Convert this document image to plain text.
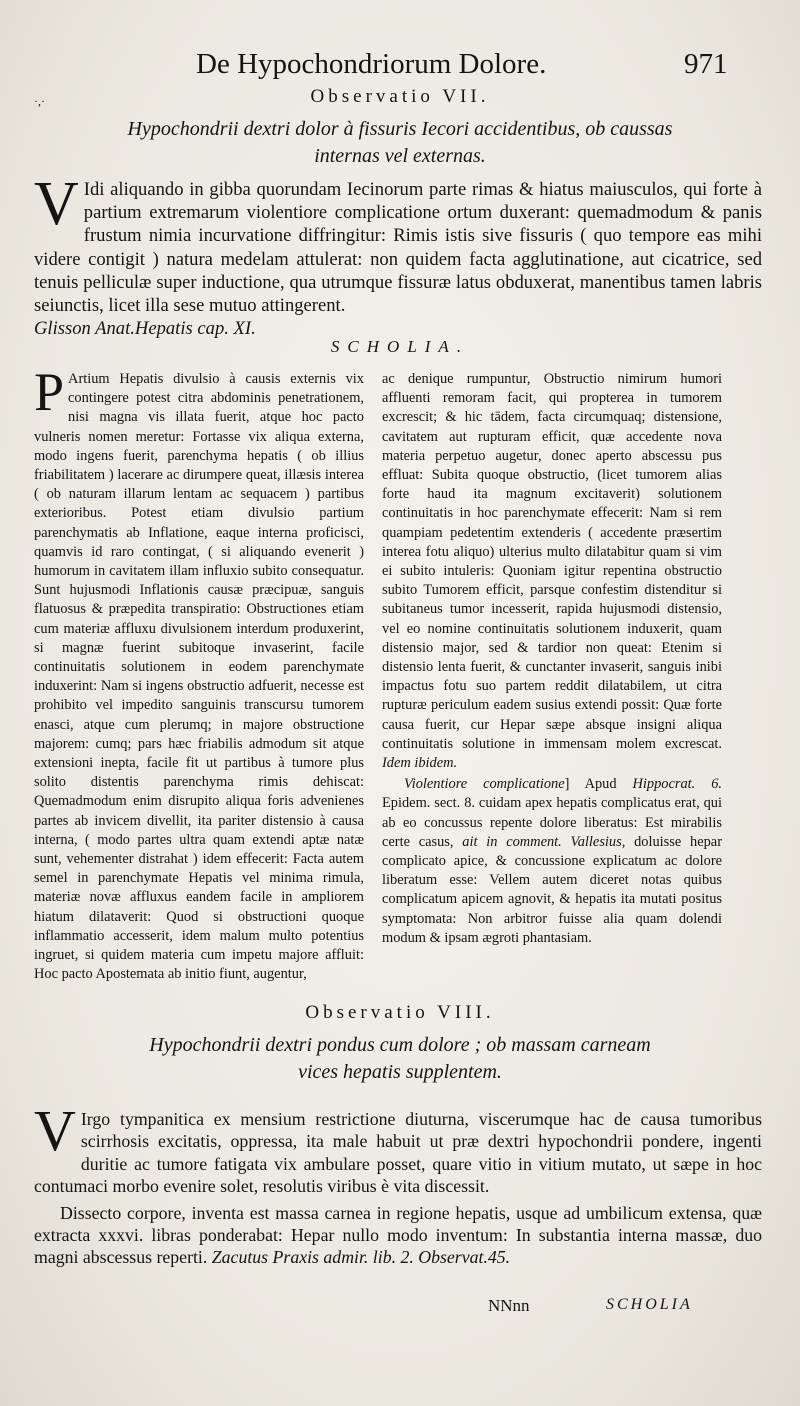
·,·
De Hypochondriorum Dolore.	971
Observatio VII.
Hypochondrii dextri dolor à fissuris Iecori accidentibus, ob caussas
internas vel externas.
V Idi aliquando in gibba quorundam Iecinorum parte rimas & hiatus maiusculos, qui forte à partium extremarum violentiore complicatione ortum duxerant: quemadmodum & panis frustum nimia incurvatione diffringitur: Rimis istis sive fissuris ( quo tempore eas mihi videre contigit ) natura medelam attulerat: non quidem facta agglutinatione, aut cicatrice, sed tenuis pelliculæ super inductione, qua utrumque fissuræ latus obduxerat, manentibus tamen labris seiunctis, licet illa sese mutuo attingerent.
Glisson Anat.Hepatis cap. XI.
SCHOLIA.
P Artium Hepatis divulsio à causis externis vix contingere potest citra abdominis penetrationem, nisi magna vis illata fuerit, atque hoc pacto vulneris nomen meretur: Fortasse vix aliqua externa, modo ingens fuerit, parenchyma hepatis ( ob illius friabilitatem ) lacerare ac dirumpere queat, illæsis interea ( ob naturam illarum lentam ac sequacem ) partibus exterioribus. Potest etiam divulsio partium parenchymatis ab Inflatione, eaque interna proficisci, quamvis id raro contingat, ( si aliquando evenerit ) humorum in cavitatem illam influxio subito consequatur. Sunt hujusmodi Inflationis causæ præcipuæ, sanguis flatuosus & præpedita transpiratio: Obstructiones etiam cum materiæ affluxu divulsionem interdum produxerint, si magnæ fuerint subitoque invaserint, facile continuitatis solutionem in eodem parenchymate induxerint: Nam si ingens obstructio adfuerit, necesse est prohibito vel impedito sanguinis transcursu tumorem enasci, atque cum plerumq; in majore obstructione majorem: cumq; pars hæc friabilis admodum sit atque extensioni inepta, facile fit ut partibus à tumore plus solito distentis parenchyma rimis dehiscat: Quemadmodum enim disrupito aliqua foris advenienes partes ab invicem divellit, ita pariter distensio à causa interna, ( modo partes ultra quam extendi aptæ natæ sunt, vehementer distrahat ) idem effecerit: Facta autem semel in parenchymate Hepatis vel minima rimula, materiæ novæ affluxus eandem facile in ampliorem hiatum dilataverit: Quod si obstructioni quoque inflammatio accesserit, idem malum multo potentius ingruet, si quidem materia cum impetu majore affluit: Hoc pacto Apostemata ab initio fiunt, augentur,

ac denique rumpuntur, Obstructio nimirum humori affluenti remoram facit, qui propterea in tumorem excrescit; & hic tādem, facta circumquaq; distensione, cavitatem aut rupturam efficit, quæ accedente nova materia perpetuo augetur, donec aperto abscessu pus effluat: Subita quoque obstructio, (licet tumorem alias forte haud ita magnum excitaverit) solutionem continuitatis in hoc parenchymate effecerit: Nam si rem quampiam pedetentim extenderis ( accedente præsertim interea fotu aliquo) ulterius multo dilatabitur quam si vim ei subito intuleris: Quoniam igitur repentina obstructio subito Tumorem efficit, parsque confestim distenditur si subitaneus tumor incesserit, rapida hujusmodi distensio, vel eo nomine continuitatis solutionem induxerit, quam distensio major, sed & tardior non queat: Etenim si distensio lenta fuerit, & cunctanter invaserit, sanguis inibi impactus fotu suo partem reddit dilatabilem, ut citra rupturæ periculum eadem susius extendi possit: Quæ forte causa fuerit, cur Hepar sæpe absque insigni aliqua continuitatis solutione in immensam molem excrescat. Idem ibidem.

Violentiore complicatione] Apud Hippocrat. 6. Epidem. sect. 8. cuidam apex hepatis complicatus erat, qui ab eo concussus repente dolore liberatus: Est mirabilis certe casus, ait in comment. Vallesius, doluisse hepar complicato apice, & concussione explicatum ac dolore liberatum esse: Vellem autem diceret notas quibus complicatum apicem agnovit, & hepatis ita mutati positus symptomata: Non arbitror fuisse alia quam dolendi modum & ipsam ægroti phantasiam.

Observatio VIII.
Hypochondrii dextri pondus cum dolore ; ob massam carneam
vices hepatis supplentem.
V Irgo tympanitica ex mensium restrictione diuturna, viscerumque hac de causa tumoribus scirrhosis excitatis, oppressa, ita male habuit ut præ dextri hypochondrii pondere, ingenti duritie ac tumore fatigata vix ambulare posset, quare vitio in vitium mutato, ut sæpe in hoc contumaci morbo evenire solet, resolutis viribus è vita discessit.
Dissecto corpore, inventa est massa carnea in regione hepatis, usque ad umbilicum extensa, quæ extracta xxxvi. libras ponderabat: Hepar nullo modo inventum: In substantia interna massæ, duo magni abscessus reperti. Zacutus Praxis admir. lib. 2. Observat.45.
NNnn	SCHOLIA
